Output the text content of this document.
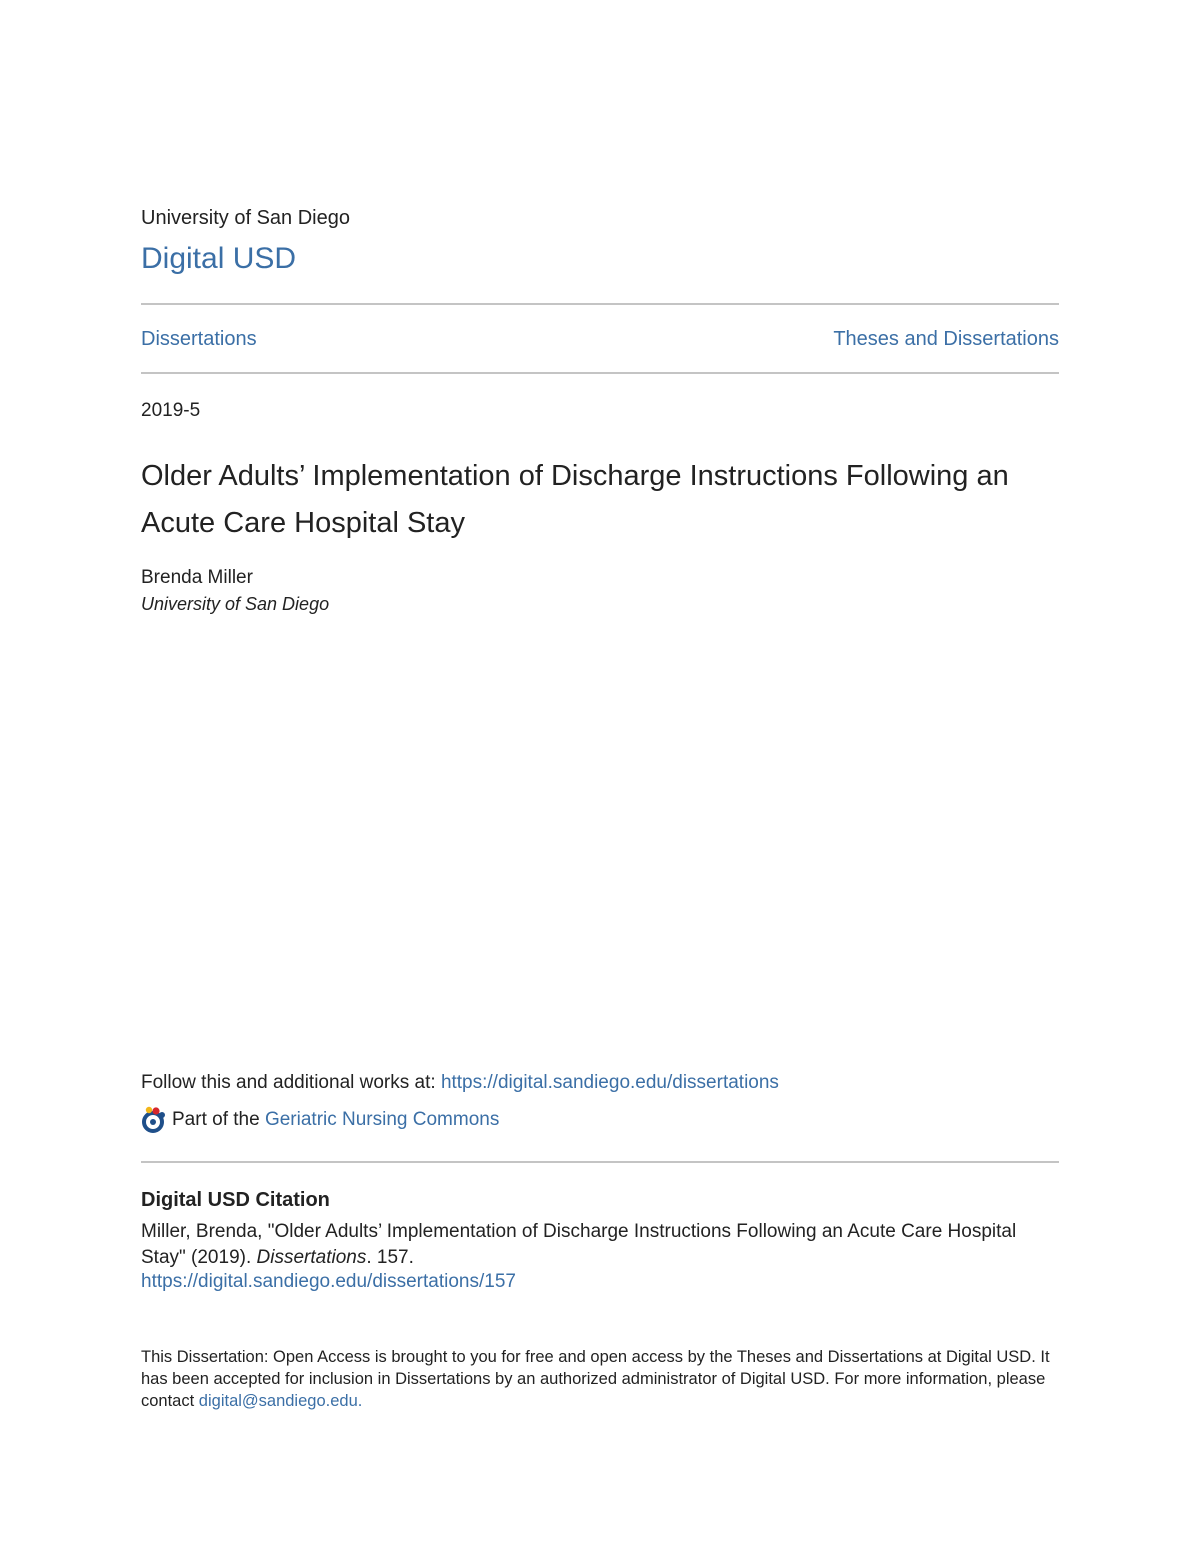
University of San Diego
Digital USD
Dissertations	Theses and Dissertations
2019-5
Older Adults’ Implementation of Discharge Instructions Following an Acute Care Hospital Stay
Brenda Miller
University of San Diego
Follow this and additional works at: https://digital.sandiego.edu/dissertations
Part of the Geriatric Nursing Commons
Digital USD Citation
Miller, Brenda, "Older Adults’ Implementation of Discharge Instructions Following an Acute Care Hospital Stay" (2019). Dissertations. 157.
https://digital.sandiego.edu/dissertations/157
This Dissertation: Open Access is brought to you for free and open access by the Theses and Dissertations at Digital USD. It has been accepted for inclusion in Dissertations by an authorized administrator of Digital USD. For more information, please contact digital@sandiego.edu.
